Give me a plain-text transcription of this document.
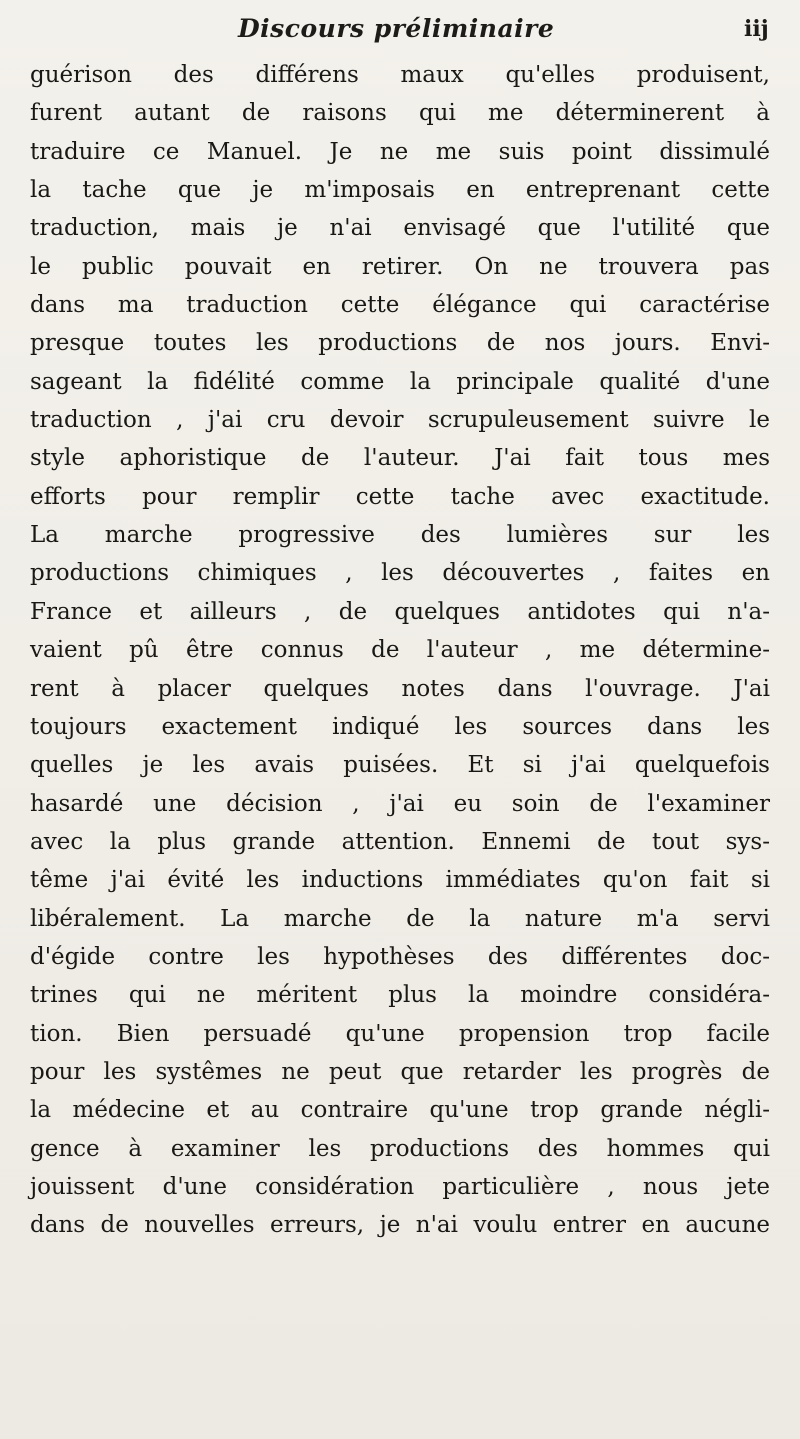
Discours préliminaire	iij
guérison des différens maux qu'elles produisent,
furent autant de raisons qui me déterminerent à
traduire ce Manuel. Je ne me suis point dissimulé
la tache que je m'imposais en entreprenant cette
traduction, mais je n'ai envisagé que l'utilité que
le public pouvait en retirer. On ne trouvera pas
dans ma traduction cette élégance qui caractérise
presque toutes les productions de nos jours. Envi-
sageant la fidélité comme la principale qualité d'une
traduction , j'ai cru devoir scrupuleusement suivre le
style aphoristique de l'auteur. J'ai fait tous mes
efforts pour remplir cette tache avec exactitude.
La marche progressive des lumières sur les
productions chimiques , les découvertes , faites en
France et ailleurs , de quelques antidotes qui n'a-
vaient pû être connus de l'auteur , me détermine-
rent à placer quelques notes dans l'ouvrage. J'ai
toujours exactement indiqué les sources dans les
quelles je les avais puisées. Et si j'ai quelquefois
hasardé une décision , j'ai eu soin de l'examiner
avec la plus grande attention. Ennemi de tout sys-
tême j'ai évité les inductions immédiates qu'on fait si
libéralement. La marche de la nature m'a servi
d'égide contre les hypothèses des différentes doc-
trines qui ne méritent plus la moindre considéra-
tion. Bien persuadé qu'une propension trop facile
pour les systêmes ne peut que retarder les progrès de
la médecine et au contraire qu'une trop grande négli-
gence à examiner les productions des hommes qui
jouissent d'une considération particulière , nous jete
dans de nouvelles erreurs, je n'ai voulu entrer en aucune
